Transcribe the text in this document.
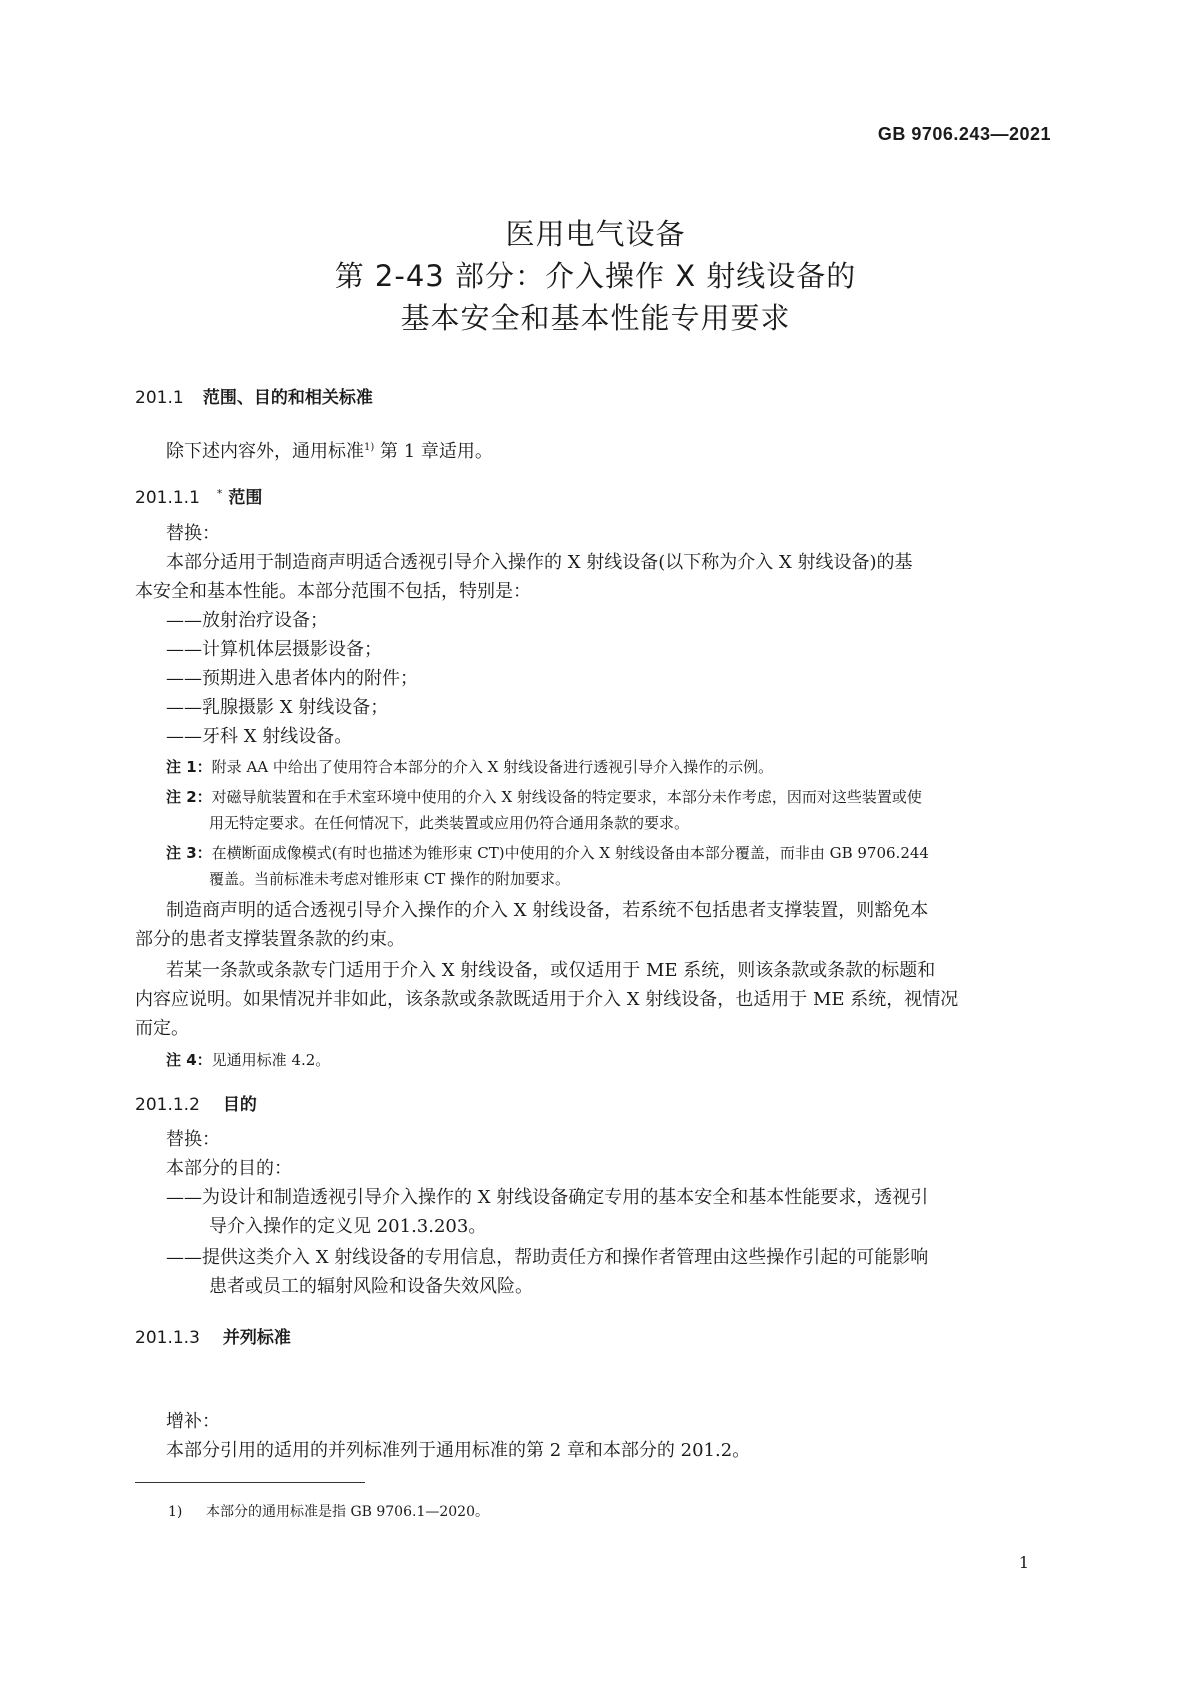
GB 9706.243—2021
医用电气设备
第 2-43 部分：介入操作 X 射线设备的
基本安全和基本性能专用要求
201.1 范围、目的和相关标准
除下述内容外，通用标准$^{1)}$ 第 1 章适用。
201.1.1 * 范围
替换：
本部分适用于制造商声明适合透视引导介入操作的 X 射线设备(以下称为介入 X 射线设备)的基
本安全和基本性能。本部分范围不包括，特别是：
——放射治疗设备；
——计算机体层摄影设备；
——预期进入患者体内的附件；
——乳腺摄影 X 射线设备；
——牙科 X 射线设备。
注 1：附录 AA 中给出了使用符合本部分的介入 X 射线设备进行透视引导介入操作的示例。
注 2：对磁导航装置和在手术室环境中使用的介入 X 射线设备的特定要求，本部分未作考虑，因而对这些装置或使
用无特定要求。在任何情况下，此类装置或应用仍符合通用条款的要求。
注 3：在横断面成像模式(有时也描述为锥形束 CT)中使用的介入 X 射线设备由本部分覆盖，而非由 GB 9706.244
覆盖。当前标准未考虑对锥形束 CT 操作的附加要求。
制造商声明的适合透视引导介入操作的介入 X 射线设备，若系统不包括患者支撑装置，则豁免本
部分的患者支撑装置条款的约束。
若某一条款或条款专门适用于介入 X 射线设备，或仅适用于 ME 系统，则该条款或条款的标题和
内容应说明。如果情况并非如此，该条款或条款既适用于介入 X 射线设备，也适用于 ME 系统，视情况
而定。
注 4：见通用标准 4.2。
201.1.2 目的
替换：
本部分的目的：
——为设计和制造透视引导介入操作的 X 射线设备确定专用的基本安全和基本性能要求，透视引
导介入操作的定义见 201.3.203。
——提供这类介入 X 射线设备的专用信息，帮助责任方和操作者管理由这些操作引起的可能影响
患者或员工的辐射风险和设备失效风险。
201.1.3 并列标准
增补：
本部分引用的适用的并列标准列于通用标准的第 2 章和本部分的 201.2。
1) 本部分的通用标准是指 GB 9706.1—2020。
1
